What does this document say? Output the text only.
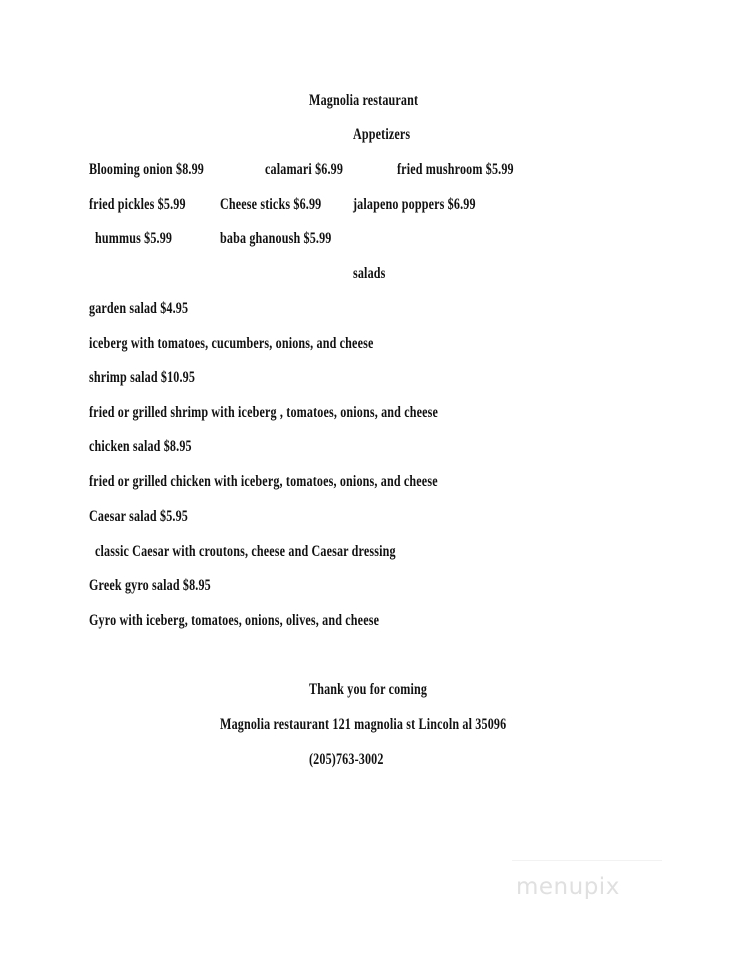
Magnolia restaurant
Appetizers
Blooming onion $8.99	calamari $6.99	fried mushroom $5.99
fried pickles $5.99 Cheese sticks $6.99 jalapeno poppers $6.99
hummus $5.99	baba ghanoush $5.99
salads
garden salad $4.95
iceberg with tomatoes, cucumbers, onions, and cheese
shrimp salad $10.95
fried or grilled shrimp with iceberg , tomatoes, onions, and cheese
chicken salad $8.95
fried or grilled chicken with iceberg, tomatoes, onions, and cheese
Caesar salad $5.95
classic Caesar with croutons, cheese and Caesar dressing
Greek gyro salad $8.95
Gyro with iceberg, tomatoes, onions, olives, and cheese
Thank you for coming
Magnolia restaurant 121 magnolia st Lincoln al 35096
(205)763-3002
menupix
